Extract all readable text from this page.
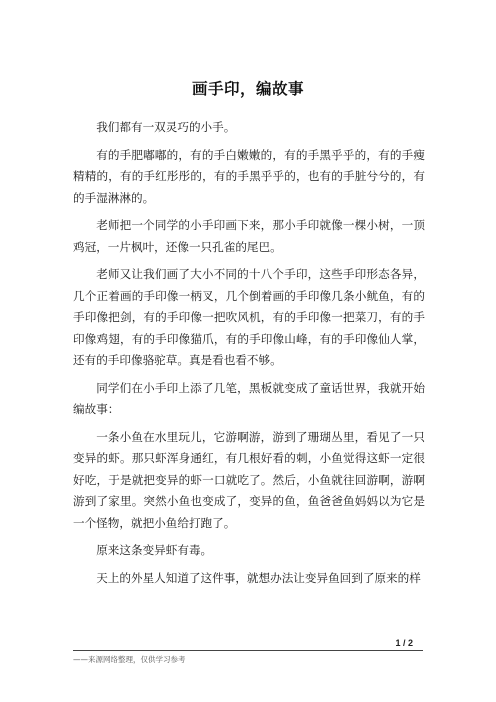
画手印，编故事

我们都有一双灵巧的小手。

有的手肥嘟嘟的，有的手白嫩嫩的，有的手黑乎乎的，有的手瘦精精的，有的手红彤彤的，有的手黑乎乎的，也有的手脏兮兮的，有的手湿淋淋的。

老师把一个同学的小手印画下来，那小手印就像一棵小树，一顶鸡冠，一片枫叶，还像一只孔雀的尾巴。

老师又让我们画了大小不同的十八个手印，这些手印形态各异，几个正着画的手印像一柄叉，几个倒着画的手印像几条小鱿鱼，有的手印像把剑，有的手印像一把吹风机，有的手印像一把菜刀，有的手印像鸡翅，有的手印像猫爪，有的手印像山峰，有的手印像仙人掌，还有的手印像骆驼草。真是看也看不够。

同学们在小手印上添了几笔，黑板就变成了童话世界，我就开始编故事：

一条小鱼在水里玩儿，它游啊游，游到了珊瑚丛里，看见了一只变异的虾。那只虾浑身通红，有几根好看的刺，小鱼觉得这虾一定很好吃，于是就把变异的虾一口就吃了。然后，小鱼就往回游啊，游啊游到了家里。突然小鱼也变成了，变异的鱼，鱼爸爸鱼妈妈以为它是一个怪物，就把小鱼给打跑了。

原来这条变异虾有毒。

天上的外星人知道了这件事，就想办法让变异鱼回到了原来的样

1 / 2
——来源网络整理，仅供学习参考
